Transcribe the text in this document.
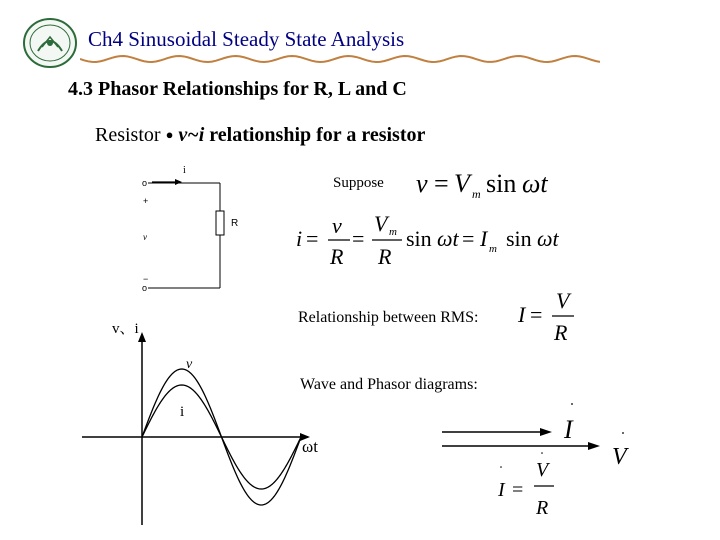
Ch4 Sinusoidal Steady State Analysis
4.3 Phasor Relationships for R, L and C
Resistor ● v~i relationship for a resistor
o
i
R
o
+
v
−
Suppose v = V m sin ωt
i =
v
R
=
V m
R
sin ωt = I m sin ωt
Relationship between RMS: I =
V
R
Wave and Phasor diagrams:
v、i
v
i
ωt
I
V
I =
V
R
